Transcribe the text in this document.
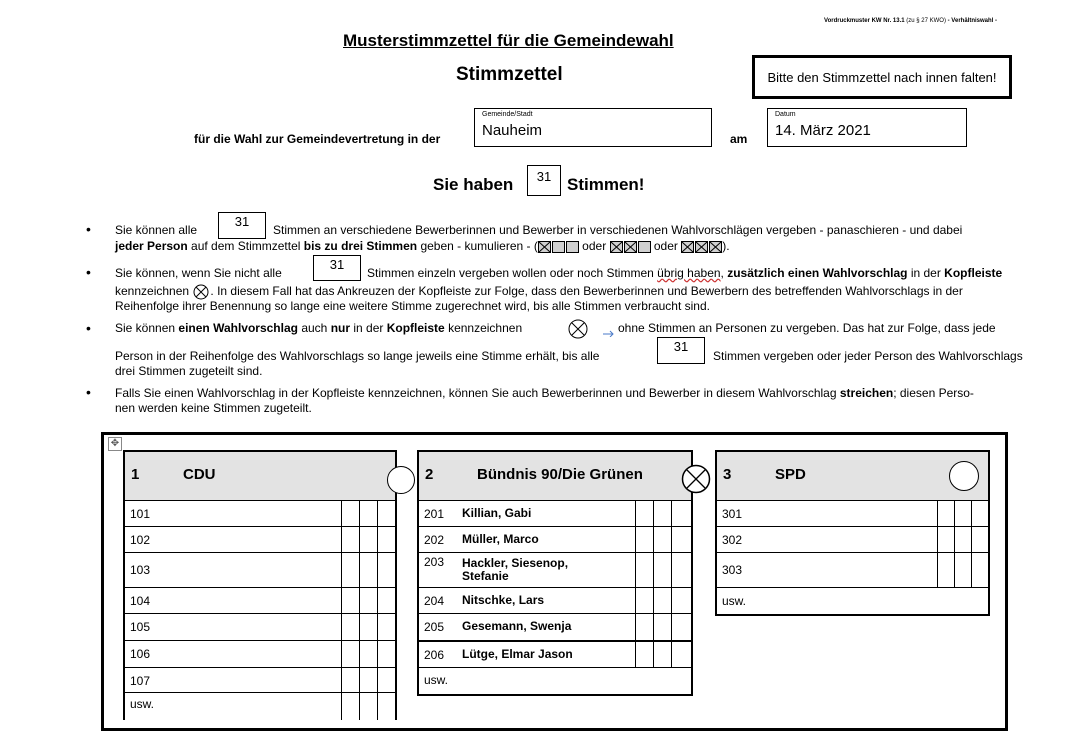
Vordruckmuster KW Nr. 13.1 (zu § 27 KWO) - Verhältniswahl -
Musterstimmzettel für die Gemeindewahl
Stimmzettel	Bitte den Stimmzettel nach innen falten!
für die Wahl zur Gemeindevertretung in der
Gemeinde/Stadt
Nauheim	am
Datum
14. März 2021
Sie haben	31 Stimmen!
• Sie können alle
31
Stimmen an verschiedene Bewerberinnen und Bewerber in verschiedenen Wahlvorschlägen vergeben - panaschieren - und dabei
jeder Person auf dem Stimmzettel bis zu drei Stimmen geben - kumulieren - (	oder	oder	).
• Sie können, wenn Sie nicht alle
31
Stimmen einzeln vergeben wollen oder noch Stimmen übrig haben, zusätzlich einen Wahlvorschlag in der Kopfleiste
kennzeichnen . In diesem Fall hat das Ankreuzen der Kopfleiste zur Folge, dass den Bewerberinnen und Bewerbern des betreffenden Wahlvorschlags in der
Reihenfolge ihrer Benennung so lange eine weitere Stimme zugerechnet wird, bis alle Stimmen verbraucht sind.
• Sie können einen Wahlvorschlag auch nur in der Kopfleiste kennzeichnen	ohne Stimmen an Personen zu vergeben. Das hat zur Folge, dass jede
Person in der Reihenfolge des Wahlvorschlags so lange jeweils eine Stimme erhält, bis alle
31
Stimmen vergeben oder jeder Person des Wahlvorschlags
drei Stimmen zugeteilt sind.
• Falls Sie einen Wahlvorschlag in der Kopfleiste kennzeichnen, können Sie auch Bewerberinnen und Bewerber in diesem Wahlvorschlag streichen; diesen Perso-
nen werden keine Stimmen zugeteilt.
✥
1	CDU
101
102
103
104
105
106
107
usw.
2	Bündnis 90/Die Grünen
201 Killian, Gabi
202 Müller, Marco
203 Hackler, Siesenop, Stefanie
204 Nitschke, Lars
205 Gesemann, Swenja
206 Lütge, Elmar Jason
usw.
3	SPD
301
302
303
usw.
